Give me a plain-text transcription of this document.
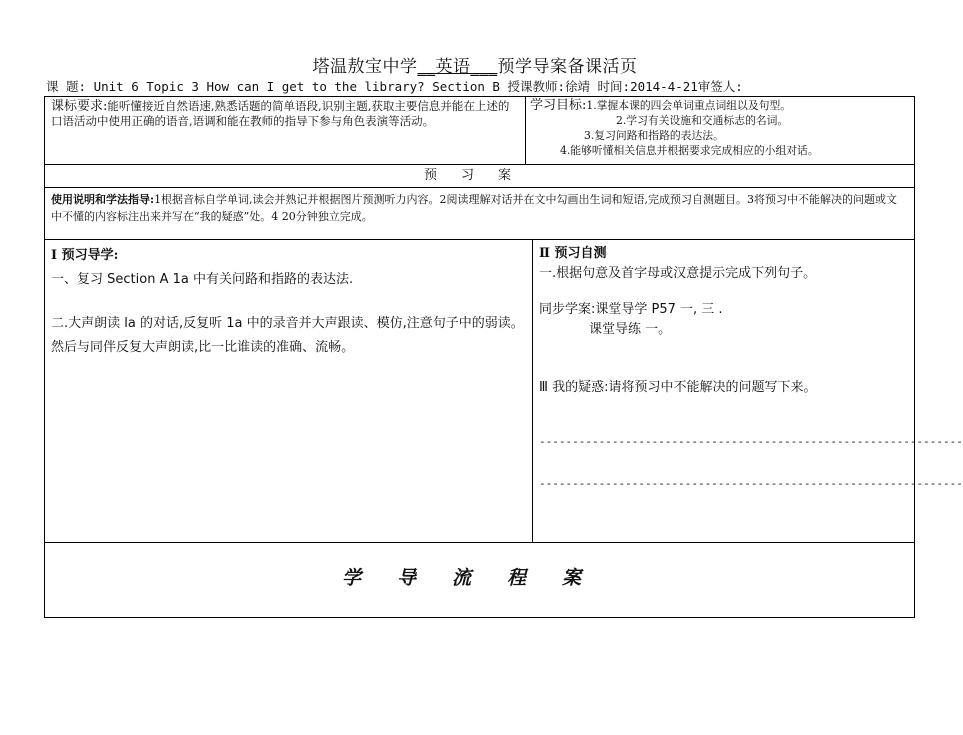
塔温敖宝中学__英语___预学导案备课活页
课 题: Unit 6 Topic 3 How can I get to the library? Section B 授课教师:徐靖 时间:2014-4-21审签人:
课标要求:能听懂接近自然语速,熟悉话题的简单语段,识别主题,获取主要信息并能在上述的口语活动中使用正确的语音,语调和能在教师的指导下参与角色表演等活动。
学习目标:1.掌握本课的四会单词重点词组以及句型。
2.学习有关设施和交通标志的名词。
3.复习问路和指路的表达法。
4.能够听懂相关信息并根据要求完成相应的小组对话。
预习案
使用说明和学法指导:1根据音标自学单词,读会并熟记并根据图片预测听力内容。2阅读理解对话并在文中勾画出生词和短语,完成预习自测题目。3将预习中不能解决的问题或文中不懂的内容标注出来并写在“我的疑惑”处。4 20分钟独立完成。
I 预习导学:
一、复习 Section A 1a 中有关问路和指路的表达法.
二.大声朗读 la 的对话,反复听 1a 中的录音并大声跟读、模仿,注意句子中的弱读。然后与同伴反复大声朗读,比一比谁读的准确、流畅。
Ⅱ 预习自测
一.根据句意及首字母或汉意提示完成下列句子。
同步学案:课堂导学 P57 一, 三 .
课堂导练 一。
Ⅲ 我的疑惑:请将预习中不能解决的问题写下来。
----------------------------------------------------------------
----------------------------------------------------------------
学导流程案
